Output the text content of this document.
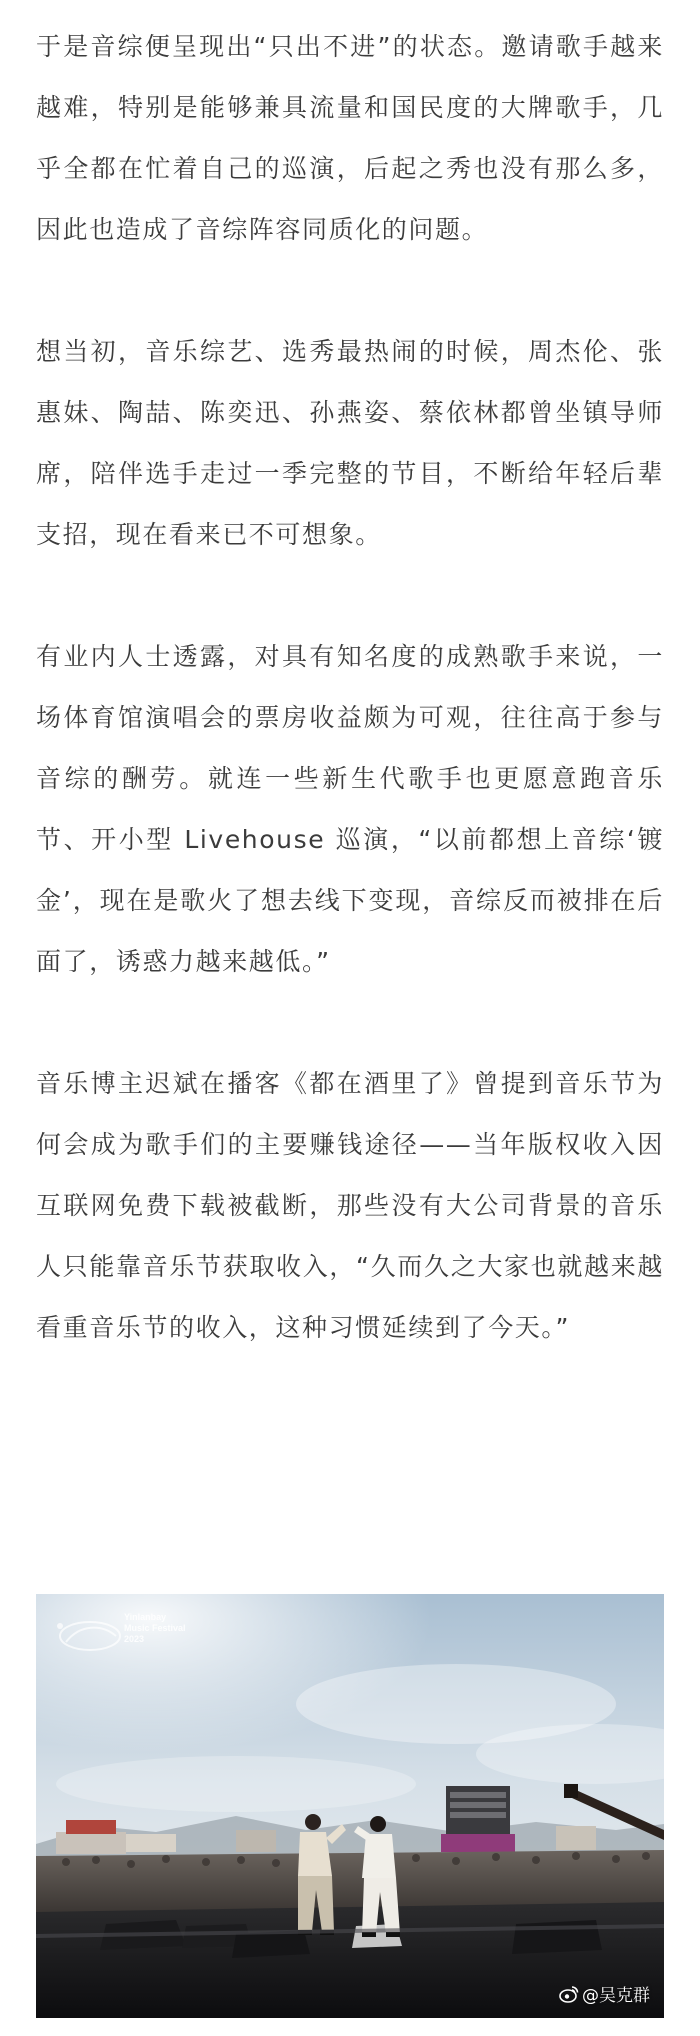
于是音综便呈现出“只出不进”的状态。邀请歌手越来越难，特别是能够兼具流量和国民度的大牌歌手，几乎全都在忙着自己的巡演，后起之秀也没有那么多，因此也造成了音综阵容同质化的问题。

想当初，音乐综艺、选秀最热闹的时候，周杰伦、张惠妹、陶喆、陈奕迅、孙燕姿、蔡依林都曾坐镇导师席，陪伴选手走过一季完整的节目，不断给年轻后辈支招，现在看来已不可想象。

有业内人士透露，对具有知名度的成熟歌手来说，一场体育馆演唱会的票房收益颇为可观，往往高于参与音综的酬劳。就连一些新生代歌手也更愿意跑音乐节、开小型 Livehouse 巡演，“以前都想上音综‘镀金’，现在是歌火了想去线下变现，音综反而被排在后面了，诱惑力越来越低。”

音乐博主迟斌在播客《都在酒里了》曾提到音乐节为何会成为歌手们的主要赚钱途径——当年版权收入因互联网免费下载被截断，那些没有大公司背景的音乐人只能靠音乐节获取收入，“久而久之大家也就越来越看重音乐节的收入，这种习惯延续到了今天。”

Yinlanbay
Music Festival
2023
@吴克群
